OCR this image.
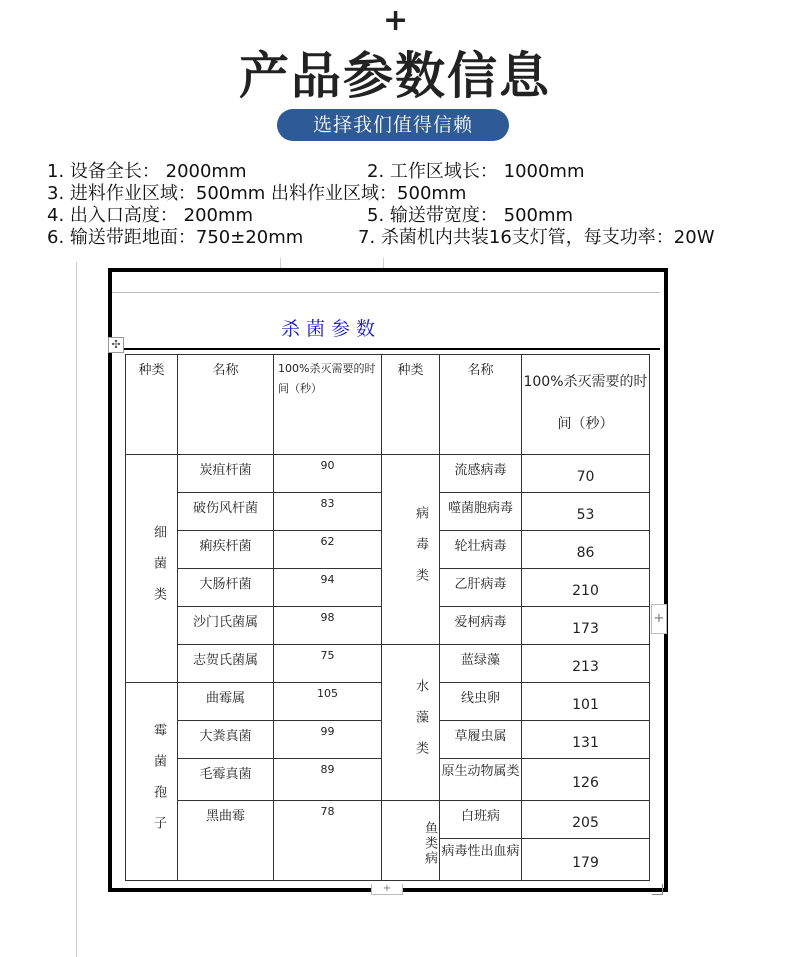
+
产品参数信息
选择我们值得信赖
1. 设备全长： 2000mm	2. 工作区域长： 1000mm
3. 进料作业区域：500mm 出料作业区域：500mm
4. 出入口高度： 200mm	5. 输送带宽度： 500mm
6. 输送带距地面：750±20mm	7. 杀菌机内共装16支灯管，每支功率：20W
杀菌参数
✣
种类	名称	100%杀灭需要的时间（秒）	种类	名称	100%杀灭需要的时间（秒）

细菌类	炭疽杆菌	90	病毒类	流感病毒	70
	破伤风杆菌	83		噬菌胞病毒	53
	痢疾杆菌	62		轮壮病毒	86
	大肠杆菌	94		乙肝病毒	210
	沙门氏菌属	98		爱柯病毒	173
	志贺氏菌属	75	水藻类	蓝绿藻	213
霉菌孢子	曲霉属	105		线虫卵	101
	大粪真菌	99		草履虫属	131
	毛霉真菌	89		原生动物属类	126
	黑曲霉	78	鱼类病	白班病	205
				病毒性出血病	179
+
+
